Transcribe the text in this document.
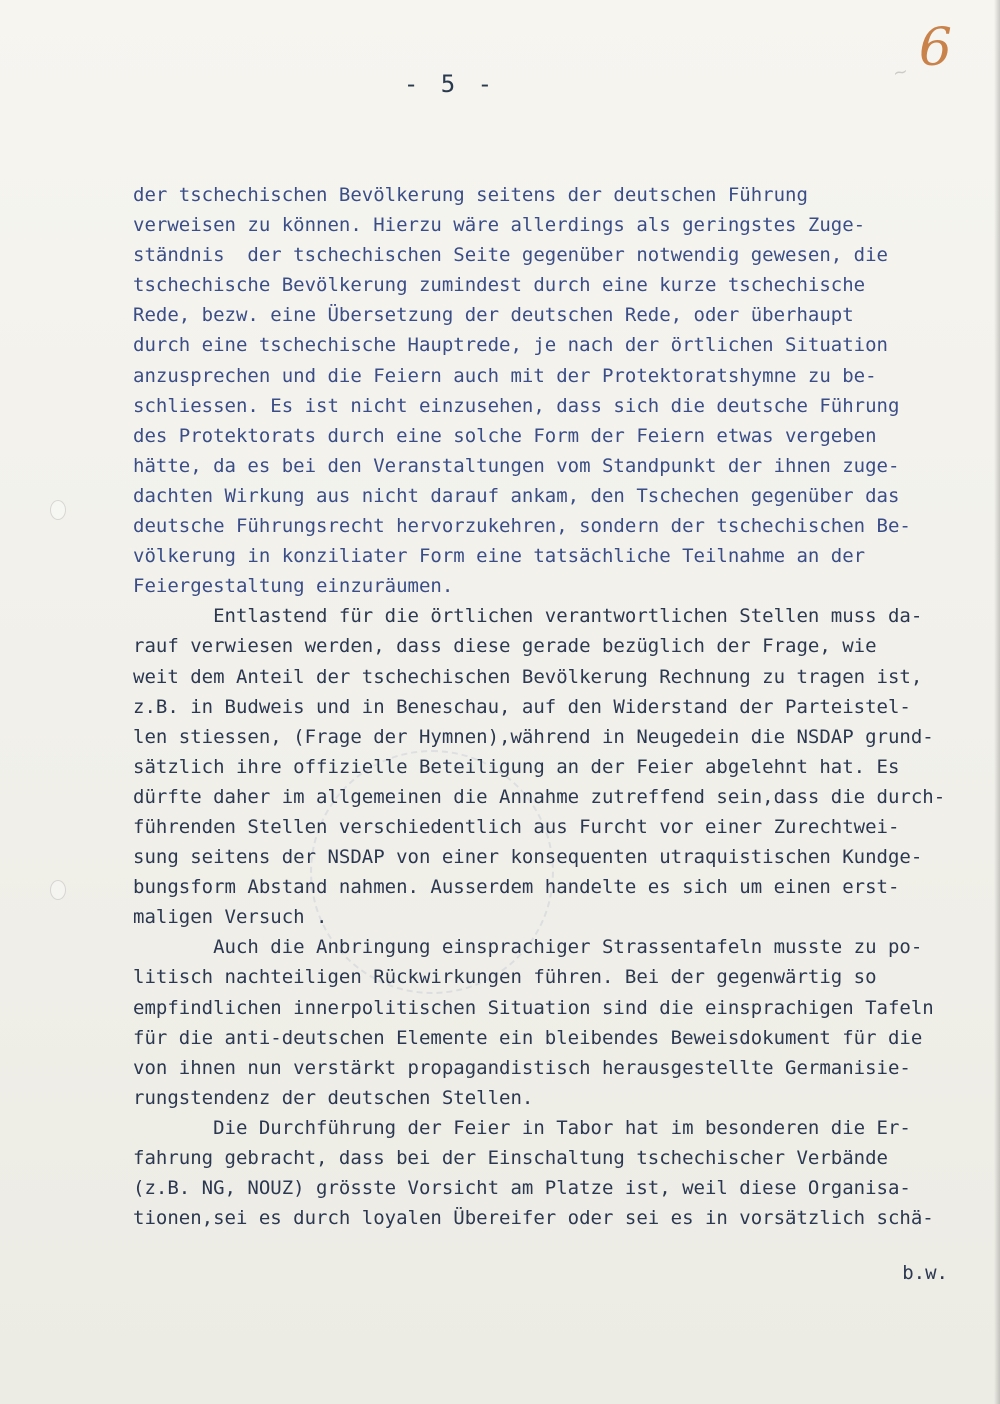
6
~
- 5 -
der tschechischen Bevölkerung seitens der deutschen Führung
verweisen zu können. Hierzu wäre allerdings als geringstes Zuge-
ständnis  der tschechischen Seite gegenüber notwendig gewesen, die
tschechische Bevölkerung zumindest durch eine kurze tschechische
Rede, bezw. eine Übersetzung der deutschen Rede, oder überhaupt
durch eine tschechische Hauptrede, je nach der örtlichen Situation
anzusprechen und die Feiern auch mit der Protektoratshymne zu be-
schliessen. Es ist nicht einzusehen, dass sich die deutsche Führung
des Protektorats durch eine solche Form der Feiern etwas vergeben
hätte, da es bei den Veranstaltungen vom Standpunkt der ihnen zuge-
dachten Wirkung aus nicht darauf ankam, den Tschechen gegenüber das
deutsche Führungsrecht hervorzukehren, sondern der tschechischen Be-
völkerung in konziliater Form eine tatsächliche Teilnahme an der
Feiergestaltung einzuräumen.
Entlastend für die örtlichen verantwortlichen Stellen muss da-
rauf verwiesen werden, dass diese gerade bezüglich der Frage, wie
weit dem Anteil der tschechischen Bevölkerung Rechnung zu tragen ist,
z.B. in Budweis und in Beneschau, auf den Widerstand der Parteistel-
len stiessen, (Frage der Hymnen),während in Neugedein die NSDAP grund-
sätzlich ihre offizielle Beteiligung an der Feier abgelehnt hat. Es
dürfte daher im allgemeinen die Annahme zutreffend sein,dass die durch-
führenden Stellen verschiedentlich aus Furcht vor einer Zurechtwei-
sung seitens der NSDAP von einer konsequenten utraquistischen Kundge-
bungsform Abstand nahmen. Ausserdem handelte es sich um einen erst-
maligen Versuch .
Auch die Anbringung einsprachiger Strassentafeln musste zu po-
litisch nachteiligen Rückwirkungen führen. Bei der gegenwärtig so
empfindlichen innerpolitischen Situation sind die einsprachigen Tafeln
für die anti-deutschen Elemente ein bleibendes Beweisdokument für die
von ihnen nun verstärkt propagandistisch herausgestellte Germanisie-
rungstendenz der deutschen Stellen.
Die Durchführung der Feier in Tabor hat im besonderen die Er-
fahrung gebracht, dass bei der Einschaltung tschechischer Verbände
(z.B. NG, NOUZ) grösste Vorsicht am Platze ist, weil diese Organisa-
tionen,sei es durch loyalen Übereifer oder sei es in vorsätzlich schä-
b.w.
